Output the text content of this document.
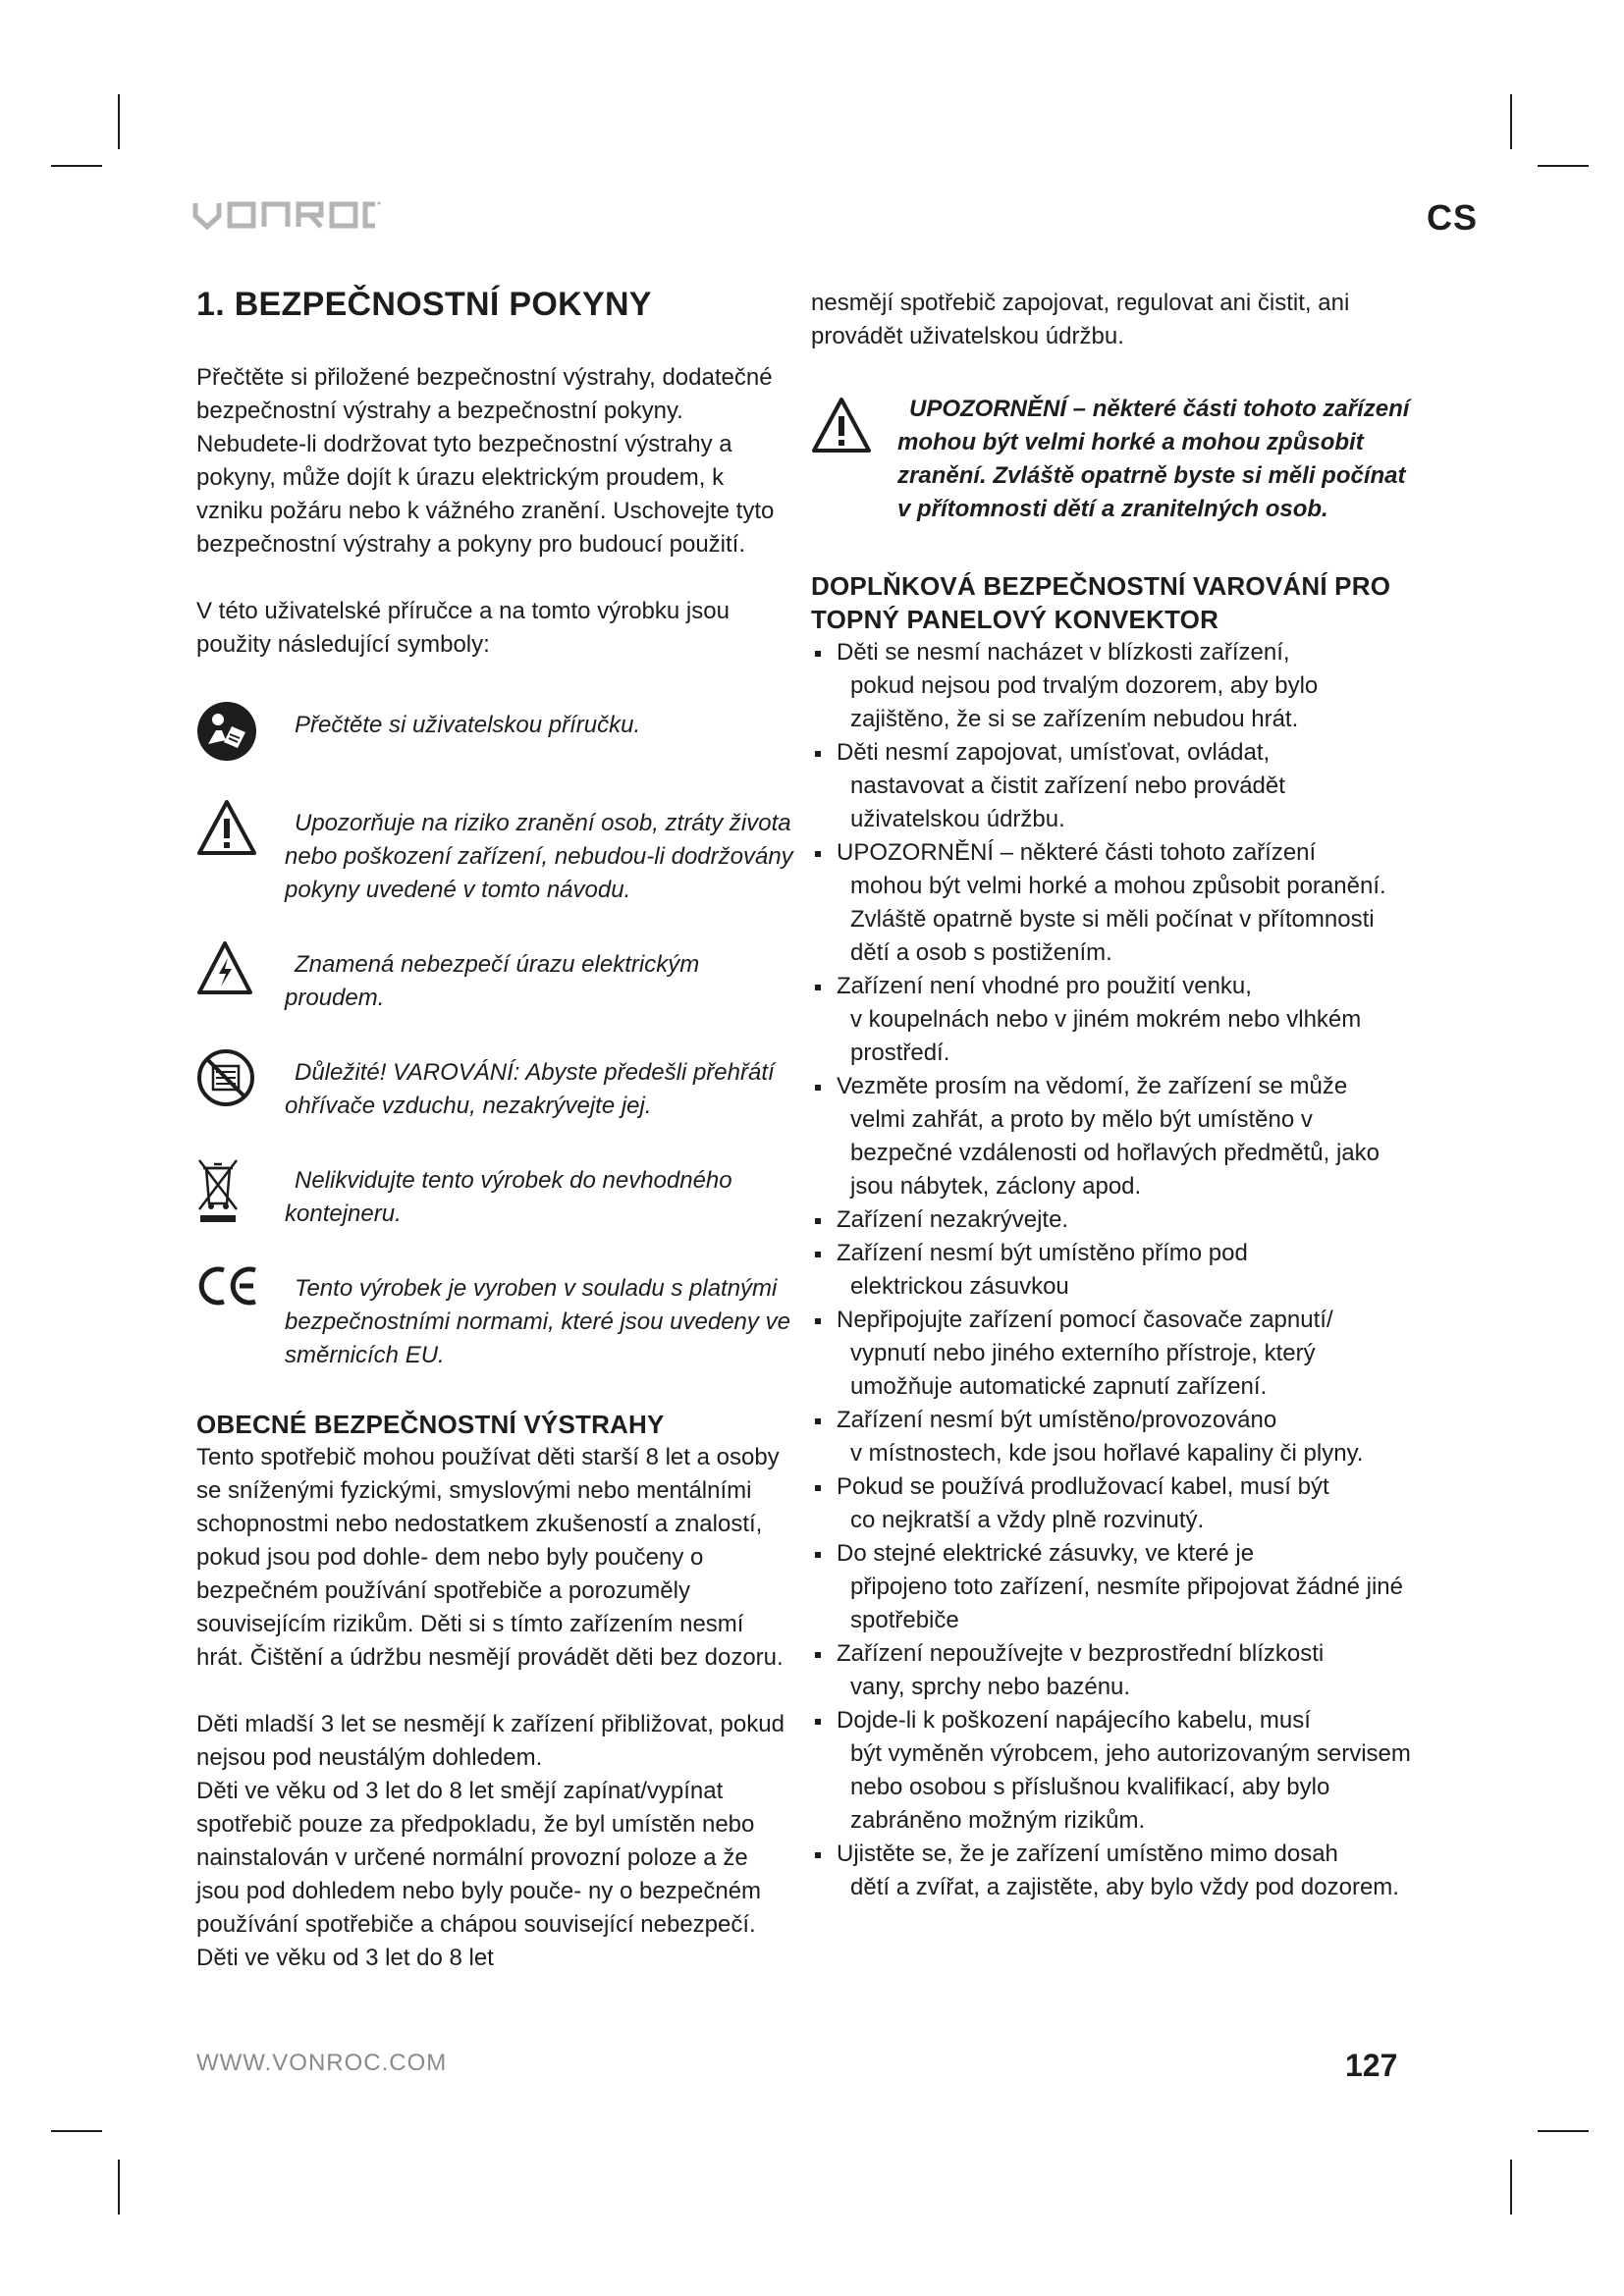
CS
1. BEZPEČNOSTNÍ POKYNY

Přečtěte si přiložené bezpečnostní výstrahy, dodatečné bezpečnostní výstrahy a bezpečnostní pokyny. Nebudete-li dodržovat tyto bezpečnostní výstrahy a pokyny, může dojít k úrazu elektrickým proudem, k vzniku požáru nebo k vážného zranění. Uschovejte tyto bezpečnostní výstrahy a pokyny pro budoucí použití.

V této uživatelské příručce a na tomto výrobku jsou použity následující symboly:

Přečtěte si uživatelskou příručku.
Upozorňuje na riziko zranění osob, ztráty života nebo poškození zařízení, nebudou-li dodržovány pokyny uvedené v tomto návodu.
Znamená nebezpečí úrazu elektrickým proudem.
Důležité! VAROVÁNÍ: Abyste předešli přehřátí ohřívače vzduchu, nezakrývejte jej.
Nelikvidujte tento výrobek do nevhodného kontejneru.
Tento výrobek je vyroben v souladu s platnými bezpečnostními normami, které jsou uvedeny ve směrnicích EU.
OBECNÉ BEZPEČNOSTNÍ VÝSTRAHY

Tento spotřebič mohou používat děti starší 8 let a osoby se sníženými fyzickými, smyslovými nebo mentálními schopnostmi nebo nedostatkem zkušeností a znalostí, pokud jsou pod dohle- dem nebo byly poučeny o bezpečném používání spotřebiče a porozuměly souvisejícím rizikům. Děti si s tímto zařízením nesmí hrát. Čištění a údržbu nesmějí provádět děti bez dozoru.

Děti mladší 3 let se nesmějí k zařízení přibližovat, pokud nejsou pod neustálým dohledem.

Děti ve věku od 3 let do 8 let smějí zapínat/vypínat spotřebič pouze za předpokladu, že byl umístěn nebo nainstalován v určené normální provozní poloze a že jsou pod dohledem nebo byly pouče- ny o bezpečném používání spotřebiče a chápou související nebezpečí. Děti ve věku od 3 let do 8 let

nesmějí spotřebič zapojovat, regulovat ani čistit, ani provádět uživatelskou údržbu.

UPOZORNĚNÍ – některé části tohoto zařízení mohou být velmi horké a mohou způsobit zranění. Zvláště opatrně byste si měli počínat v přítomnosti dětí a zranitelných osob.
DOPLŇKOVÁ BEZPEČNOSTNÍ VAROVÁNÍ PRO TOPNÝ PANELOVÝ KONVEKTOR
Děti se nesmí nacházet v blízkosti zařízení,
pokud nejsou pod trvalým dozorem, aby bylo zajištěno, že si se zařízením nebudou hrát.
Děti nesmí zapojovat, umísťovat, ovládat,
nastavovat a čistit zařízení nebo provádět uživatelskou údržbu.
UPOZORNĚNÍ – některé části tohoto zařízení
mohou být velmi horké a mohou způsobit poranění. Zvláště opatrně byste si měli počínat v přítomnosti dětí a osob s postižením.
Zařízení není vhodné pro použití venku,
v koupelnách nebo v jiném mokrém nebo vlhkém prostředí.
Vezměte prosím na vědomí, že zařízení se může
velmi zahřát, a proto by mělo být umístěno v bezpečné vzdálenosti od hořlavých předmětů, jako jsou nábytek, záclony apod.
Zařízení nezakrývejte.
Zařízení nesmí být umístěno přímo pod
elektrickou zásuvkou
Nepřipojujte zařízení pomocí časovače zapnutí/
vypnutí nebo jiného externího přístroje, který umožňuje automatické zapnutí zařízení.
Zařízení nesmí být umístěno/provozováno
v místnostech, kde jsou hořlavé kapaliny či plyny.
Pokud se používá prodlužovací kabel, musí být
co nejkratší a vždy plně rozvinutý.
Do stejné elektrické zásuvky, ve které je
připojeno toto zařízení, nesmíte připojovat žádné jiné spotřebiče
Zařízení nepoužívejte v bezprostřední blízkosti
vany, sprchy nebo bazénu.
Dojde-li k poškození napájecího kabelu, musí
být vyměněn výrobcem, jeho autorizovaným servisem nebo osobou s příslušnou kvalifikací, aby bylo zabráněno možným rizikům.
Ujistěte se, že je zařízení umístěno mimo dosah
dětí a zvířat, a zajistěte, aby bylo vždy pod dozorem.
WWW.VONROC.COM	127
